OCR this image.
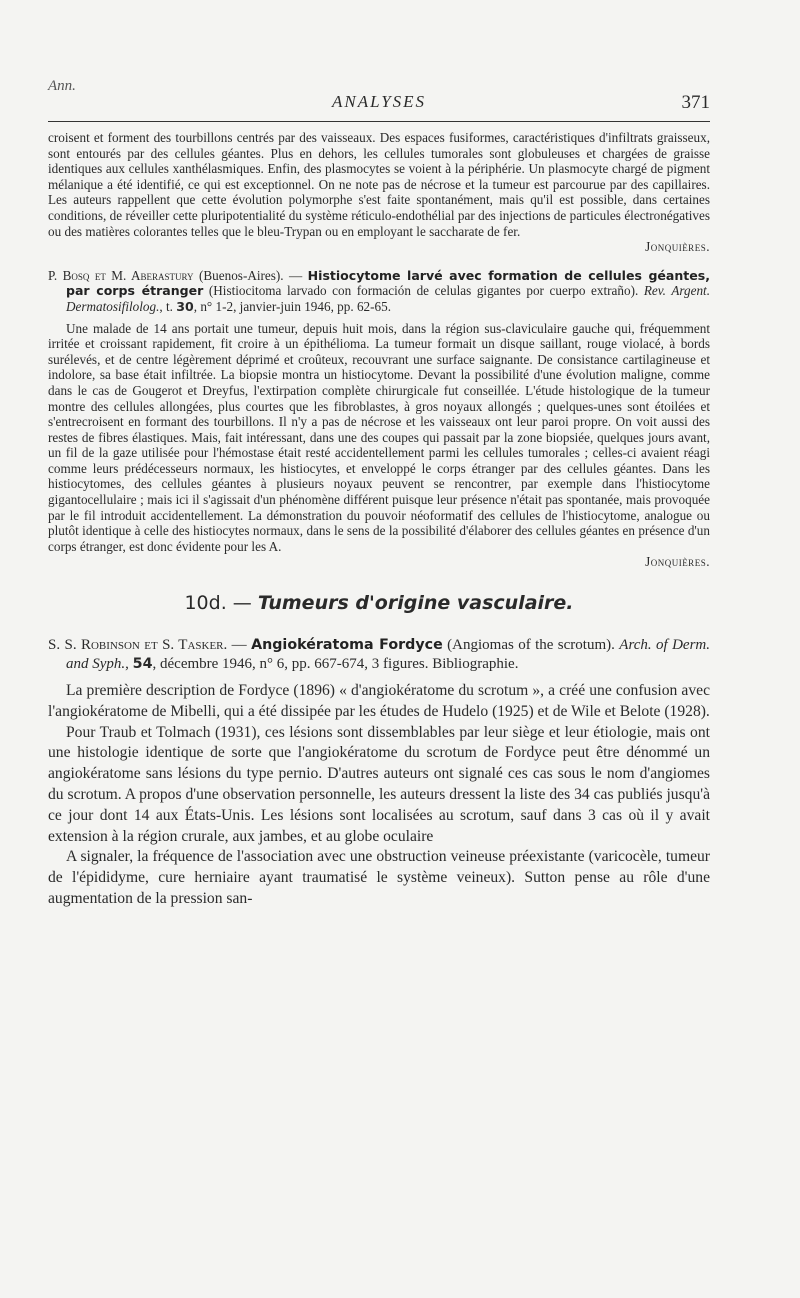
Ann.
ANALYSES	371

croisent et forment des tourbillons centrés par des vaisseaux. Des espaces fusiformes, caractéristiques d'infiltrats graisseux, sont entourés par des cellules géantes. Plus en dehors, les cellules tumorales sont globuleuses et chargées de graisse identiques aux cellules xanthélasmiques. Enfin, des plasmocytes se voient à la périphérie. Un plasmocyte chargé de pigment mélanique a été identifié, ce qui est exceptionnel. On ne note pas de nécrose et la tumeur est parcourue par des capillaires. Les auteurs rappellent que cette évolution polymorphe s'est faite spontanément, mais qu'il est possible, dans certaines conditions, de réveiller cette pluripotentialité du système réticulo-endothélial par des injections de particules électronégatives ou des matières colorantes telles que le bleu-Trypan ou en employant le saccharate de fer.

Jonquières.

P. Bosq et M. Aberastury (Buenos-Aires). — Histiocytome larvé avec formation de cellules géantes, par corps étranger (Histiocitoma larvado con formación de celulas gigantes por cuerpo extraño). Rev. Argent. Dermatosifilolog., t. 30, n° 1-2, janvier-juin 1946, pp. 62-65.

Une malade de 14 ans portait une tumeur, depuis huit mois, dans la région sus-claviculaire gauche qui, fréquemment irritée et croissant rapidement, fit croire à un épithélioma. La tumeur formait un disque saillant, rouge violacé, à bords surélevés, et de centre légèrement déprimé et croûteux, recouvrant une surface saignante. De consistance cartilagineuse et indolore, sa base était infiltrée. La biopsie montra un histiocytome. Devant la possibilité d'une évolution maligne, comme dans le cas de Gougerot et Dreyfus, l'extirpation complète chirurgicale fut conseillée. L'étude histologique de la tumeur montre des cellules allongées, plus courtes que les fibroblastes, à gros noyaux allongés ; quelques-unes sont étoilées et s'entrecroisent en formant des tourbillons. Il n'y a pas de nécrose et les vaisseaux ont leur paroi propre. On voit aussi des restes de fibres élastiques. Mais, fait intéressant, dans une des coupes qui passait par la zone biopsiée, quelques jours avant, un fil de la gaze utilisée pour l'hémostase était resté accidentellement parmi les cellules tumorales ; celles-ci avaient réagi comme leurs prédécesseurs normaux, les histiocytes, et enveloppé le corps étranger par des cellules géantes. Dans les histiocytomes, des cellules géantes à plusieurs noyaux peuvent se rencontrer, par exemple dans l'histiocytome gigantocellulaire ; mais ici il s'agissait d'un phénomène différent puisque leur présence n'était pas spontanée, mais provoquée par le fil introduit accidentellement. La démonstration du pouvoir néoformatif des cellules de l'histiocytome, analogue ou plutôt identique à celle des histiocytes normaux, dans le sens de la possibilité d'élaborer des cellules géantes en présence d'un corps étranger, est donc évidente pour les A.

Jonquières.

10d. — Tumeurs d'origine vasculaire.

S. S. Robinson et S. Tasker. — Angiokératoma Fordyce (Angiomas of the scrotum). Arch. of Derm. and Syph., 54, décembre 1946, n° 6, pp. 667-674, 3 figures. Bibliographie.

La première description de Fordyce (1896) « d'angiokératome du scrotum », a créé une confusion avec l'angiokératome de Mibelli, qui a été dissipée par les études de Hudelo (1925) et de Wile et Belote (1928).

Pour Traub et Tolmach (1931), ces lésions sont dissemblables par leur siège et leur étiologie, mais ont une histologie identique de sorte que l'angiokératome du scrotum de Fordyce peut être dénommé un angiokératome sans lésions du type pernio. D'autres auteurs ont signalé ces cas sous le nom d'angiomes du scrotum. A propos d'une observation personnelle, les auteurs dressent la liste des 34 cas publiés jusqu'à ce jour dont 14 aux États-Unis. Les lésions sont localisées au scrotum, sauf dans 3 cas où il y avait extension à la région crurale, aux jambes, et au globe oculaire

A signaler, la fréquence de l'association avec une obstruction veineuse préexistante (varicocèle, tumeur de l'épididyme, cure herniaire ayant traumatisé le système veineux). Sutton pense au rôle d'une augmentation de la pression san-
